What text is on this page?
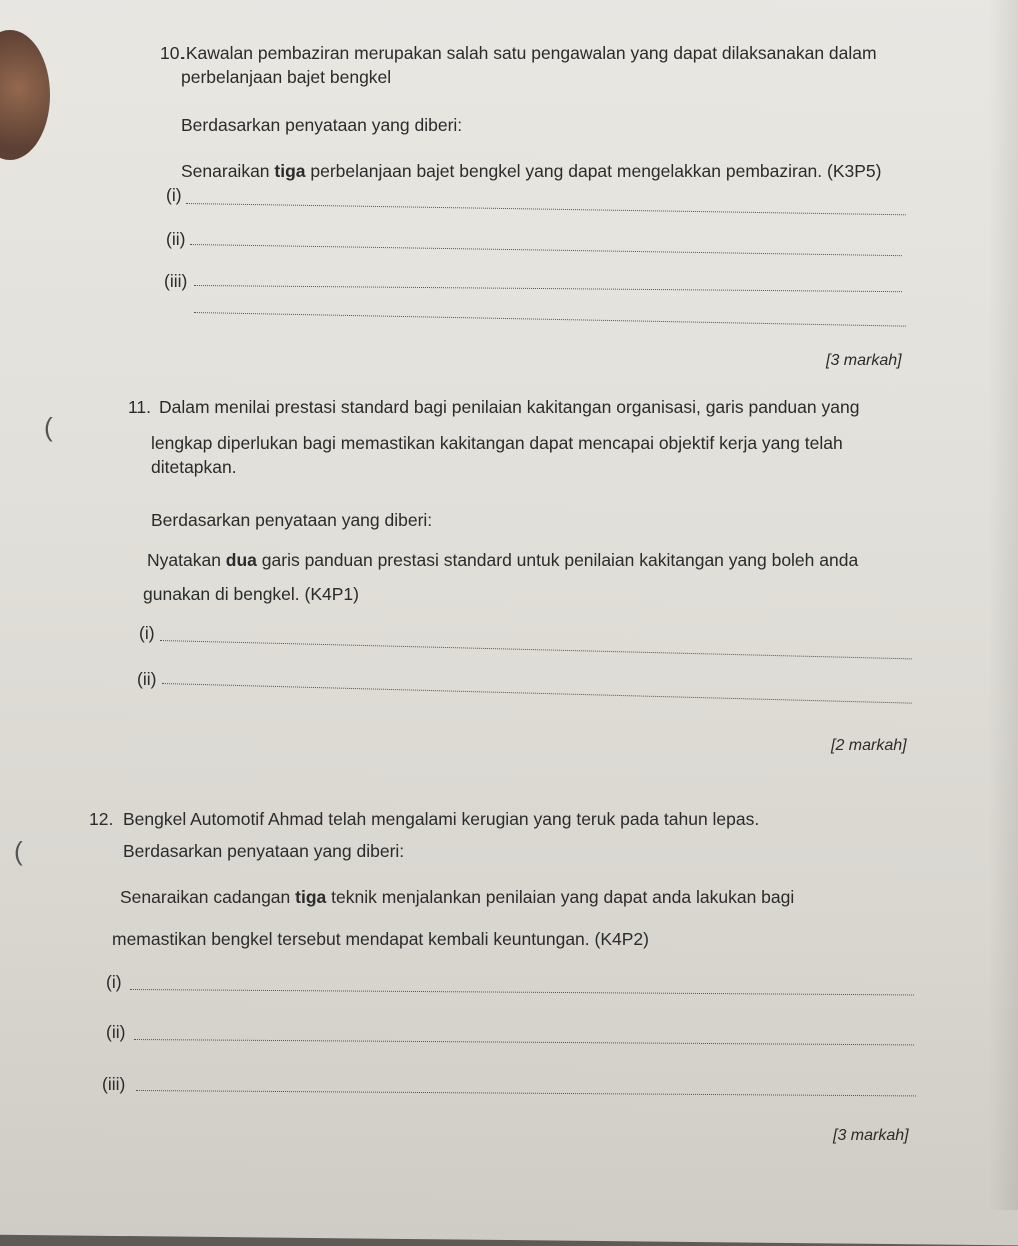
10.
.Kawalan pembaziran merupakan salah satu pengawalan yang dapat dilaksanakan dalam
perbelanjaan bajet bengkel
Berdasarkan penyataan yang diberi:
Senaraikan tiga perbelanjaan bajet bengkel yang dapat mengelakkan pembaziran. (K3P5)
(i)
(ii)
(iii)
[3 markah]
11. Dalam menilai prestasi standard bagi penilaian kakitangan organisasi, garis panduan yang
(
lengkap diperlukan bagi memastikan kakitangan dapat mencapai objektif kerja yang telah
ditetapkan.
Berdasarkan penyataan yang diberi:
Nyatakan dua garis panduan prestasi standard untuk penilaian kakitangan yang boleh anda
gunakan di bengkel. (K4P1)
(i)
(ii)
[2 markah]
12. Bengkel Automotif Ahmad telah mengalami kerugian yang teruk pada tahun lepas.
(	Berdasarkan penyataan yang diberi:
Senaraikan cadangan tiga teknik menjalankan penilaian yang dapat anda lakukan bagi
memastikan bengkel tersebut mendapat kembali keuntungan. (K4P2)
(i)
(ii)
(iii)
[3 markah]
